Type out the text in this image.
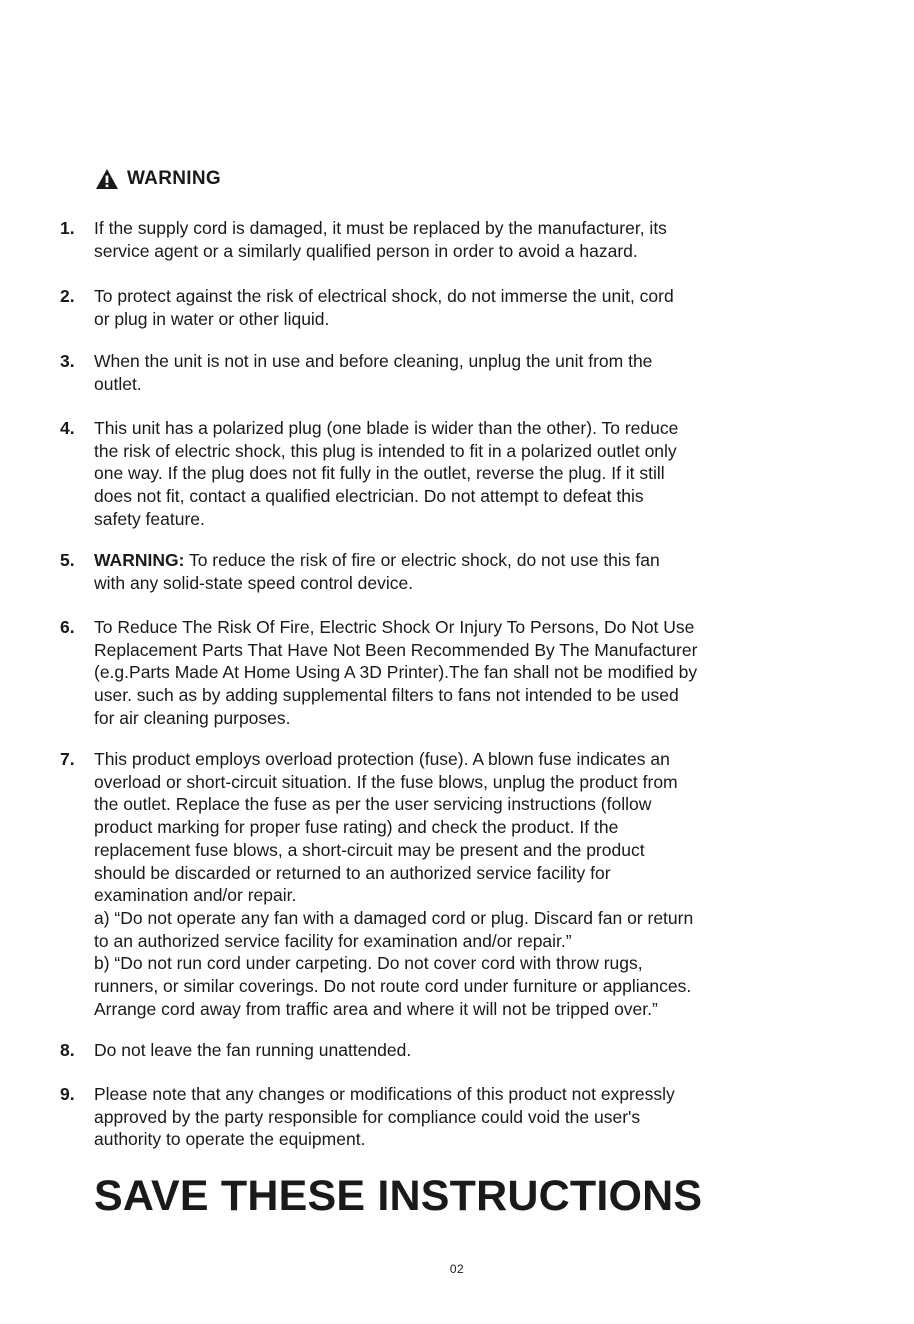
WARNING
1.	If the supply cord is damaged, it must be replaced by the manufacturer, its
service agent or a similarly qualified person in order to avoid a hazard.
2.	To protect against the risk of electrical shock, do not immerse the unit, cord
or plug in water or other liquid.
3.	When the unit is not in use and before cleaning, unplug the unit from the
outlet.
4.	This unit has a polarized plug (one blade is wider than the other). To reduce
the risk of electric shock, this plug is intended to fit in a polarized outlet only
one way. If the plug does not fit fully in the outlet, reverse the plug. If it still
does not fit, contact a qualified electrician. Do not attempt to defeat this
safety feature.
5.	WARNING: To reduce the risk of fire or electric shock, do not use this fan
with any solid-state speed control device.
6.	To Reduce The Risk Of Fire, Electric Shock Or Injury To Persons, Do Not Use
Replacement Parts That Have Not Been Recommended By The Manufacturer
(e.g.Parts Made At Home Using A 3D Printer).The fan shall not be modified by
user. such as by adding supplemental filters to fans not intended to be used
for air cleaning purposes.
7.	This product employs overload protection (fuse). A blown fuse indicates an
overload or short-circuit situation. If the fuse blows, unplug the product from
the outlet. Replace the fuse as per the user servicing instructions (follow
product marking for proper fuse rating) and check the product. If the
replacement fuse blows, a short-circuit may be present and the product
should be discarded or returned to an authorized service facility for
examination and/or repair.
a) “Do not operate any fan with a damaged cord or plug. Discard fan or return
to an authorized service facility for examination and/or repair.”
b) “Do not run cord under carpeting. Do not cover cord with throw rugs,
runners, or similar coverings. Do not route cord under furniture or appliances.
Arrange cord away from traffic area and where it will not be tripped over.”
8.	Do not leave the fan running unattended.
9.	Please note that any changes or modifications of this product not expressly
approved by the party responsible for compliance could void the user's
authority to operate the equipment.
SAVE THESE INSTRUCTIONS
02
